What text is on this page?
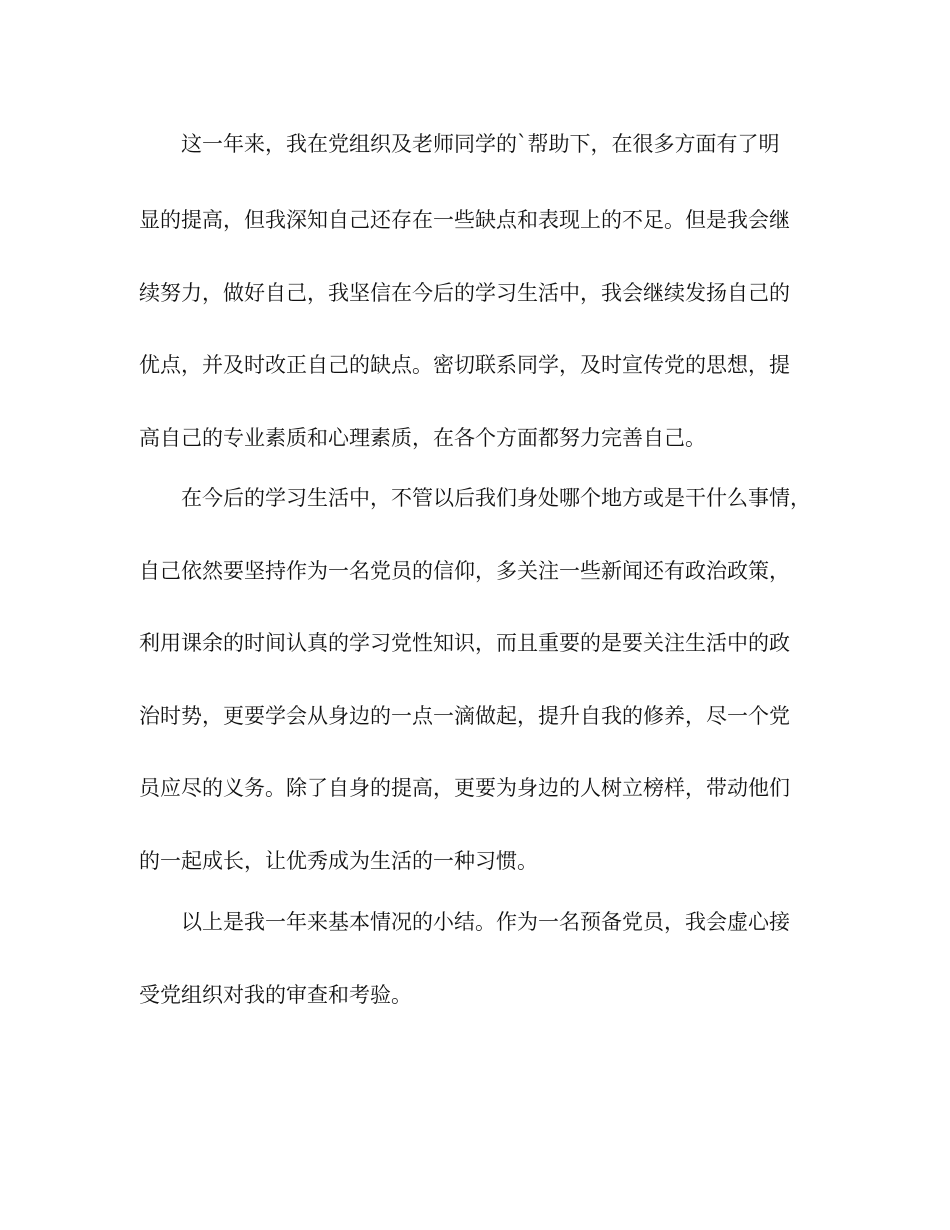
这一年来，我在党组织及老师同学的`帮助下，在很多方面有了明
显的提高，但我深知自己还存在一些缺点和表现上的不足。但是我会继
续努力，做好自己，我坚信在今后的学习生活中，我会继续发扬自己的
优点，并及时改正自己的缺点。密切联系同学，及时宣传党的思想，提
高自己的专业素质和心理素质，在各个方面都努力完善自己。
在今后的学习生活中，不管以后我们身处哪个地方或是干什么事情，
自己依然要坚持作为一名党员的信仰，多关注一些新闻还有政治政策，
利用课余的时间认真的学习党性知识，而且重要的是要关注生活中的政
治时势，更要学会从身边的一点一滴做起，提升自我的修养，尽一个党
员应尽的义务。除了自身的提高，更要为身边的人树立榜样，带动他们
的一起成长，让优秀成为生活的一种习惯。
以上是我一年来基本情况的小结。作为一名预备党员，我会虚心接
受党组织对我的审查和考验。
